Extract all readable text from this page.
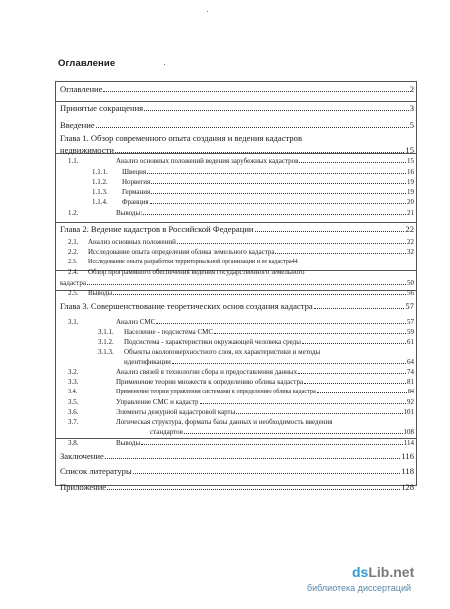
Оглавление
Оглавление	2
Принятые сокращения	3
Введение	5
Глава 1. Обзор современного опыта создания и ведения кадастров
недвижимости	15
1.1.	Анализ основных положений ведения зарубежных кадастров	15
1.1.1.	Швеция	16
1.1.2.	Норвегия	19
1.1.3.	Германия	19
1.1.4.	Франция	20
1.2.	Выводы:	21
Глава 2. Ведение кадастров в Российской Федерации	22
2.1.	Анализ основных положений	22
2.2.	Исследование опыта определения облика земельного кадастра	32
2.3.	Исследование опыта разработки территориальной организации и ее кадастра 44
2.4. Обзор программного обеспечения ведения государственного земельного
кадастра	50
2.5.	Выводы	56
Глава 3. Совершенствование теоретических основ создания кадастра	57
3.1.	Анализ СМС	57
3.1.1.	Население - подсистема СМС	59
3.1.2.	Подсистема - характеристики окружающей человека среды	61
3.1.3. Объекты околоповерхностного слоя, их характеристики и методы
идентификации	64
3.2.	Анализ связей в технологии сбора и предоставления данных	74
3.3.	Применение теории множеств к определению облика кадастра	81
3.4.	Применение теории управления системами к определению облика кадастра	84
3.5.	Управление СМС и кадастр	92
3.6.	Элементы дежурной кадастровой карты	101
3.7.	Логическая структура, форматы базы данных и необходимость введения
стандартов	108
3.8.	Выводы	114
Заключение	116
Список литературы	118
Приложение	128
dsLib.net
библиотека диссертаций
